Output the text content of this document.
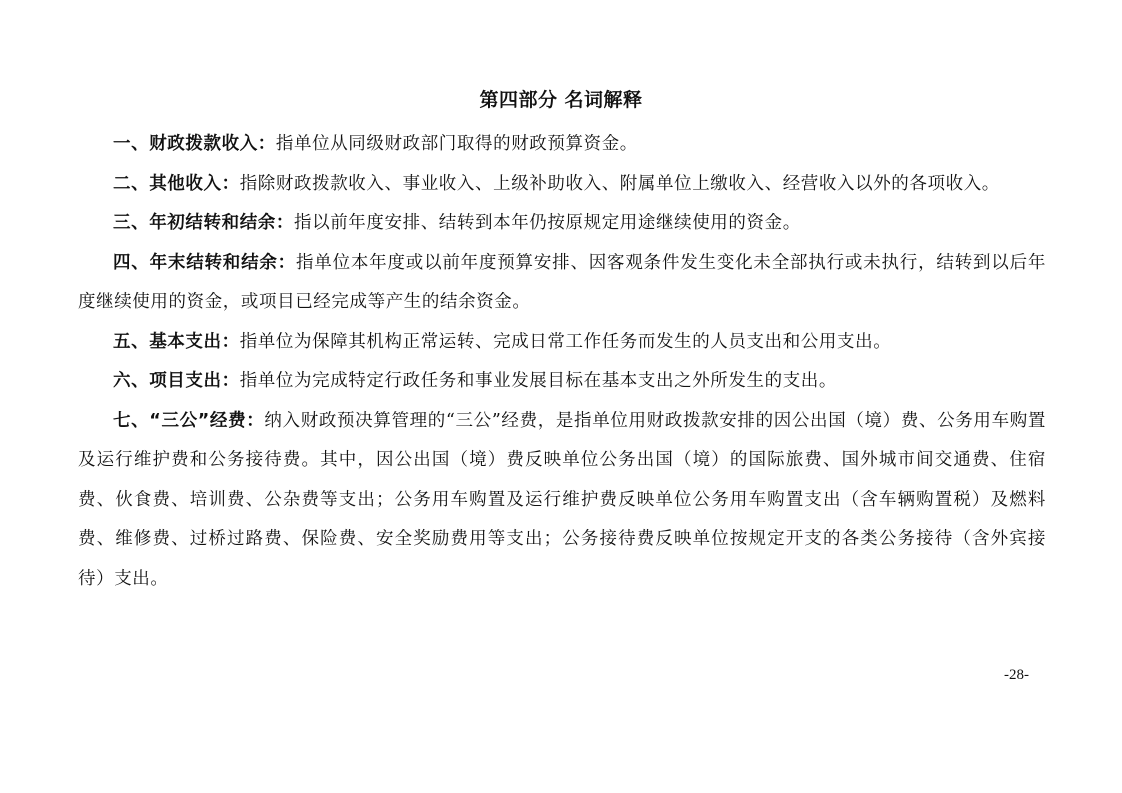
第四部分 名词解释

一、财政拨款收入：指单位从同级财政部门取得的财政预算资金。

二、其他收入：指除财政拨款收入、事业收入、上级补助收入、附属单位上缴收入、经营收入以外的各项收入。

三、年初结转和结余：指以前年度安排、结转到本年仍按原规定用途继续使用的资金。

四、年末结转和结余：指单位本年度或以前年度预算安排、因客观条件发生变化未全部执行或未执行，结转到以后年度继续使用的资金，或项目已经完成等产生的结余资金。

五、基本支出：指单位为保障其机构正常运转、完成日常工作任务而发生的人员支出和公用支出。

六、项目支出：指单位为完成特定行政任务和事业发展目标在基本支出之外所发生的支出。

七、“三公”经费：纳入财政预决算管理的“三公”经费，是指单位用财政拨款安排的因公出国（境）费、公务用车购置及运行维护费和公务接待费。其中，因公出国（境）费反映单位公务出国（境）的国际旅费、国外城市间交通费、住宿费、伙食费、培训费、公杂费等支出；公务用车购置及运行维护费反映单位公务用车购置支出（含车辆购置税）及燃料费、维修费、过桥过路费、保险费、安全奖励费用等支出；公务接待费反映单位按规定开支的各类公务接待（含外宾接待）支出。

-28-
